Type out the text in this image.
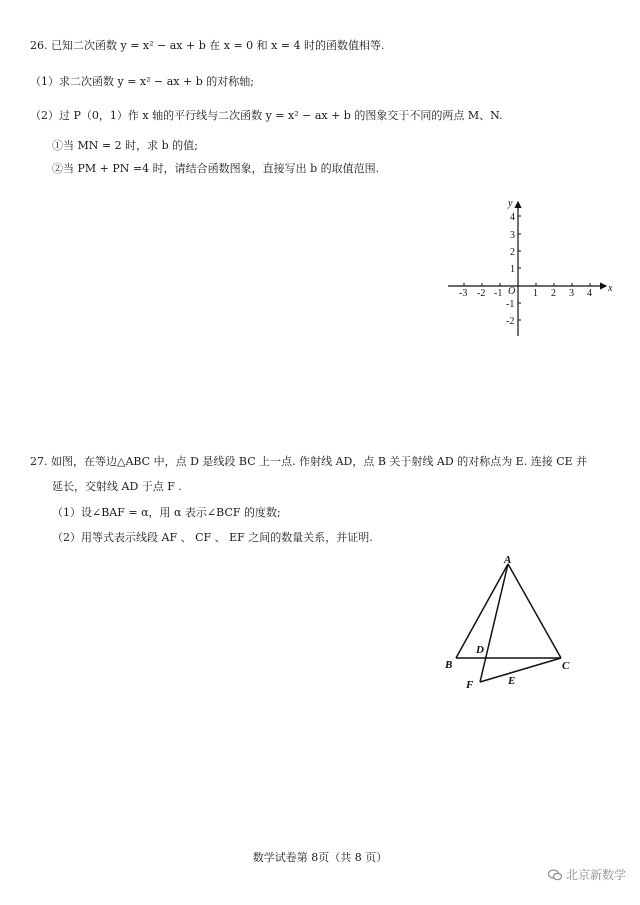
26. 已知二次函数 y = x² − ax + b 在 x = 0 和 x = 4 时的函数值相等.
（1）求二次函数 y = x² − ax + b 的对称轴;
（2）过 P（0，1）作 x 轴的平行线与二次函数 y = x² − ax + b 的图象交于不同的两点 M、N.
①当 MN = 2 时，求 b 的值;
②当 PM + PN =4 时，请结合函数图象，直接写出 b 的取值范围.
x
y
O
-3 -2 -1	1 2 3 4
4
3
2
1
-1
-2
27. 如图，在等边△ABC 中，点 D 是线段 BC 上一点. 作射线 AD，点 B 关于射线 AD 的对称点为 E. 连接 CE 并
延长，交射线 AD 于点 F .
（1）设∠BAF = α，用 α 表示∠BCF 的度数;
（2）用等式表示线段 AF 、 CF 、 EF 之间的数量关系，并证明.
A
B	C
D
E
F
数学试卷第 8页（共 8 页）
北京新数学
